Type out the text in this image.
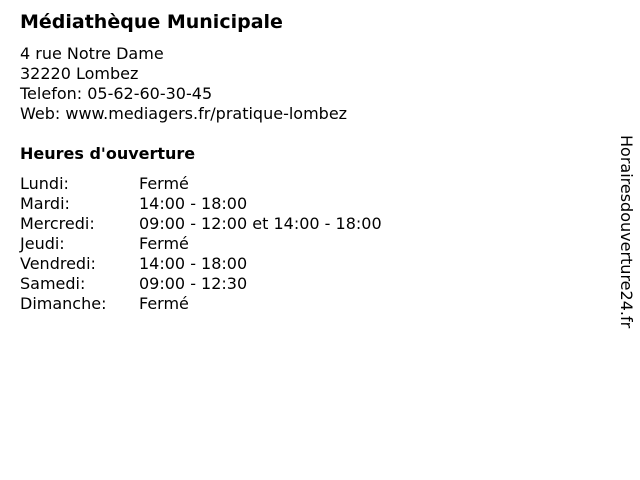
Médiathèque Municipale
4 rue Notre Dame
32220 Lombez
Telefon: 05-62-60-30-45
Web: www.mediagers.fr/pratique-lombez
Heures d'ouverture
Lundi:	Fermé
Mardi:	14:00 - 18:00
Mercredi:	09:00 - 12:00 et 14:00 - 18:00
Jeudi:	Fermé
Vendredi:	14:00 - 18:00
Samedi:	09:00 - 12:30
Dimanche: Fermé	Horairesdouverture24.fr
